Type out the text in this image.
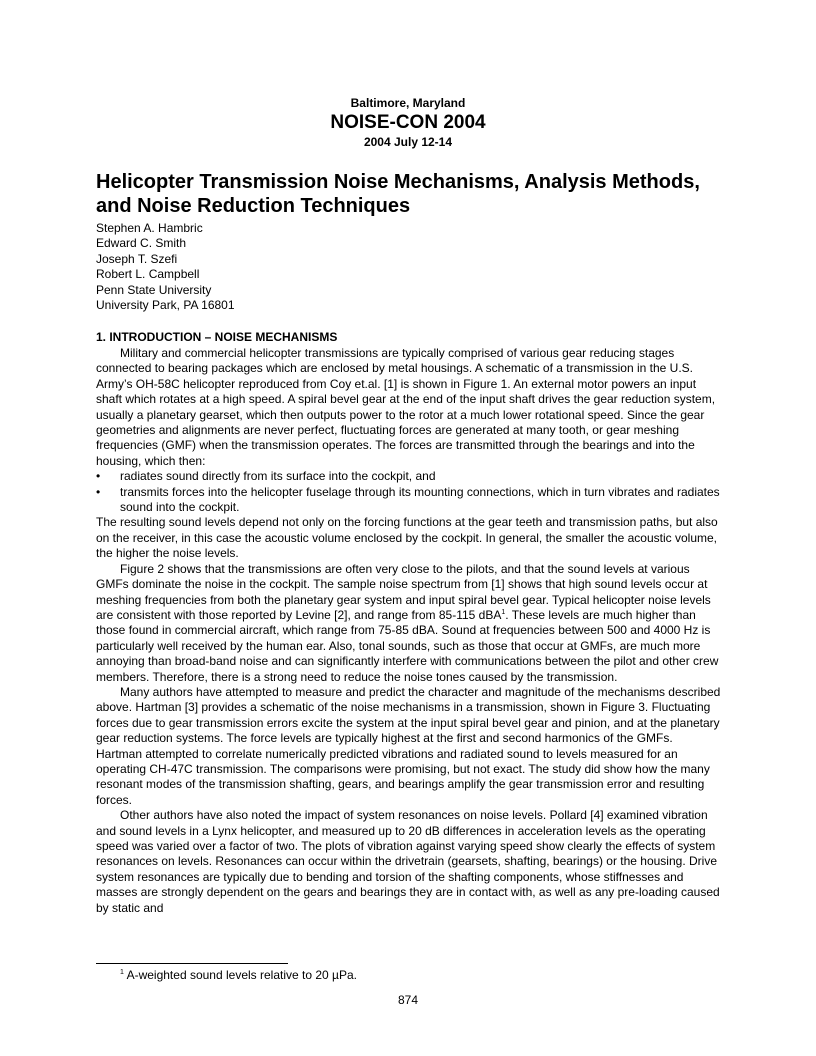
Baltimore, Maryland
NOISE-CON 2004
2004 July 12-14
Helicopter Transmission Noise Mechanisms, Analysis Methods, and Noise Reduction Techniques
Stephen A. Hambric
Edward C. Smith
Joseph T. Szefi
Robert L. Campbell
Penn State University
University Park, PA 16801
1. INTRODUCTION – NOISE MECHANISMS

Military and commercial helicopter transmissions are typically comprised of various gear reducing stages connected to bearing packages which are enclosed by metal housings. A schematic of a transmission in the U.S. Army’s OH-58C helicopter reproduced from Coy et.al. [1] is shown in Figure 1. An external motor powers an input shaft which rotates at a high speed. A spiral bevel gear at the end of the input shaft drives the gear reduction system, usually a planetary gearset, which then outputs power to the rotor at a much lower rotational speed. Since the gear geometries and alignments are never perfect, fluctuating forces are generated at many tooth, or gear meshing frequencies (GMF) when the transmission operates. The forces are transmitted through the bearings and into the housing, which then:

• radiates sound directly from its surface into the cockpit, and
• transmits forces into the helicopter fuselage through its mounting connections, which in turn vibrates and radiates sound into the cockpit.

The resulting sound levels depend not only on the forcing functions at the gear teeth and transmission paths, but also on the receiver, in this case the acoustic volume enclosed by the cockpit. In general, the smaller the acoustic volume, the higher the noise levels.

Figure 2 shows that the transmissions are often very close to the pilots, and that the sound levels at various GMFs dominate the noise in the cockpit. The sample noise spectrum from [1] shows that high sound levels occur at meshing frequencies from both the planetary gear system and input spiral bevel gear. Typical helicopter noise levels are consistent with those reported by Levine [2], and range from 85-115 dBA$^1$. These levels are much higher than those found in commercial aircraft, which range from 75-85 dBA. Sound at frequencies between 500 and 4000 Hz is particularly well received by the human ear. Also, tonal sounds, such as those that occur at GMFs, are much more annoying than broad-band noise and can significantly interfere with communications between the pilot and other crew members. Therefore, there is a strong need to reduce the noise tones caused by the transmission.

Many authors have attempted to measure and predict the character and magnitude of the mechanisms described above. Hartman [3] provides a schematic of the noise mechanisms in a transmission, shown in Figure 3. Fluctuating forces due to gear transmission errors excite the system at the input spiral bevel gear and pinion, and at the planetary gear reduction systems. The force levels are typically highest at the first and second harmonics of the GMFs. Hartman attempted to correlate numerically predicted vibrations and radiated sound to levels measured for an operating CH-47C transmission. The comparisons were promising, but not exact. The study did show how the many resonant modes of the transmission shafting, gears, and bearings amplify the gear transmission error and resulting forces.

Other authors have also noted the impact of system resonances on noise levels. Pollard [4] examined vibration and sound levels in a Lynx helicopter, and measured up to 20 dB differences in acceleration levels as the operating speed was varied over a factor of two. The plots of vibration against varying speed show clearly the effects of system resonances on levels. Resonances can occur within the drivetrain (gearsets, shafting, bearings) or the housing. Drive system resonances are typically due to bending and torsion of the shafting components, whose stiffnesses and masses are strongly dependent on the gears and bearings they are in contact with, as well as any pre-loading caused by static and

$^1$ A-weighted sound levels relative to 20 µPa.
874
